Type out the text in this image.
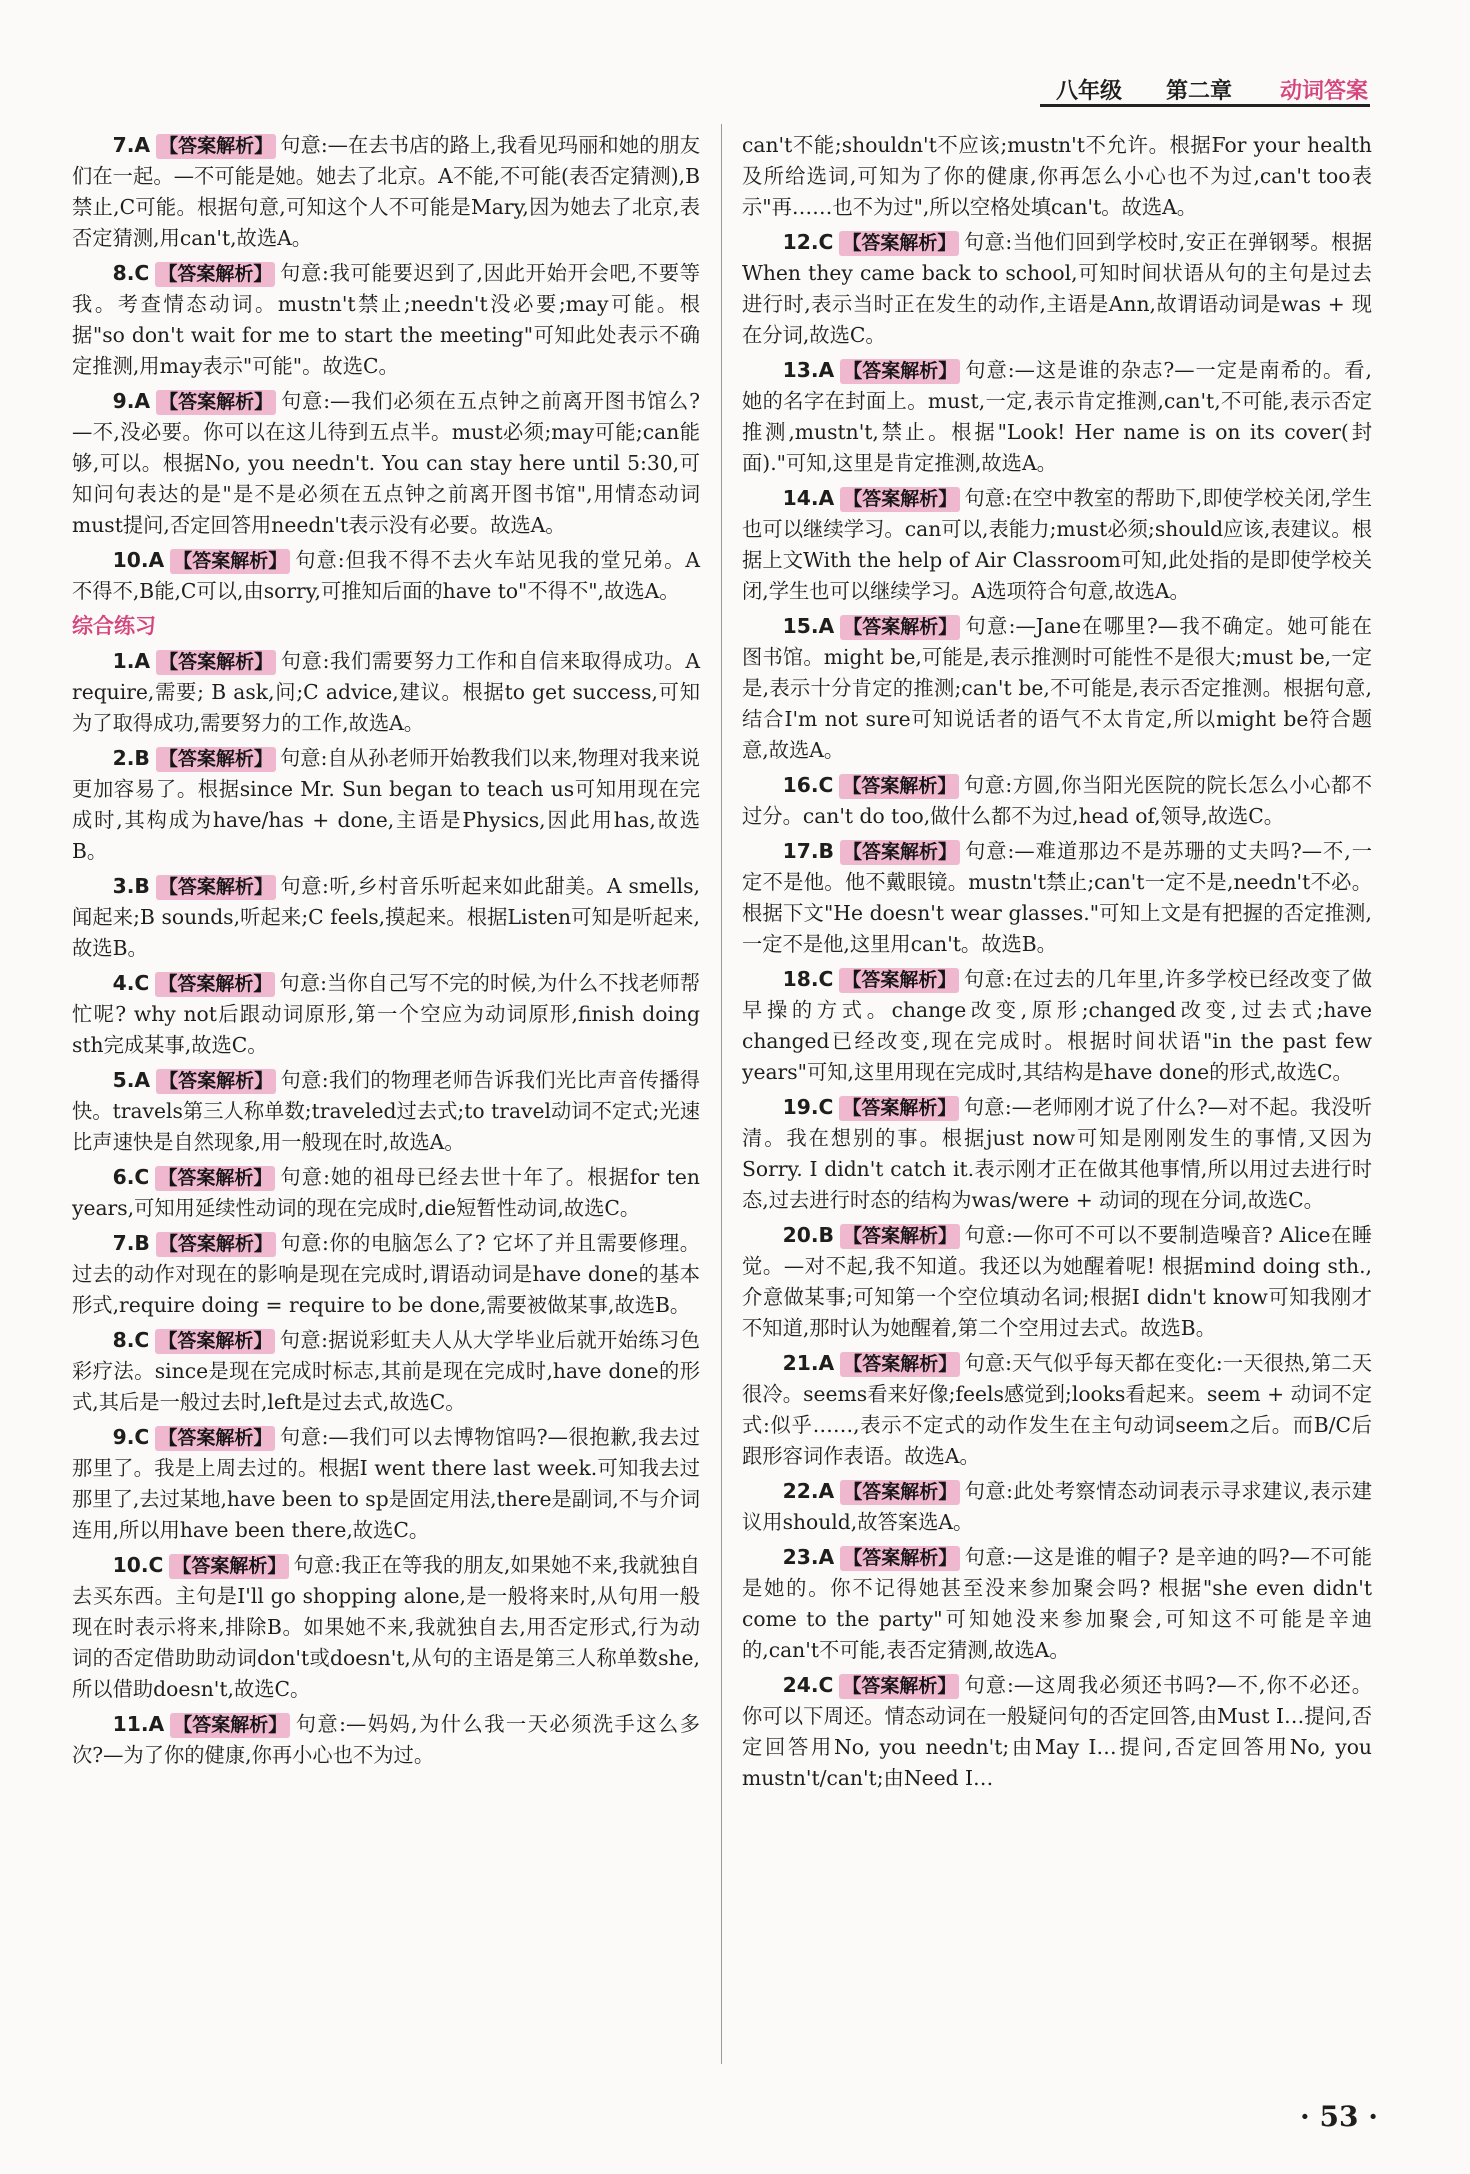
八年级 第二章 动词答案

7.A 【答案解析】 句意:—在去书店的路上,我看见玛丽和她的朋友们在一起。—不可能是她。她去了北京。A不能,不可能(表否定猜测),B禁止,C可能。根据句意,可知这个人不可能是Mary,因为她去了北京,表否定猜测,用can't,故选A。

8.C 【答案解析】 句意:我可能要迟到了,因此开始开会吧,不要等我。考查情态动词。mustn't禁止;needn't没必要;may可能。根据"so don't wait for me to start the meeting"可知此处表示不确定推测,用may表示"可能"。故选C。

9.A 【答案解析】 句意:—我们必须在五点钟之前离开图书馆么?—不,没必要。你可以在这儿待到五点半。must必须;may可能;can能够,可以。根据No, you needn't. You can stay here until 5:30,可知问句表达的是"是不是必须在五点钟之前离开图书馆",用情态动词must提问,否定回答用needn't表示没有必要。故选A。

10.A 【答案解析】 句意:但我不得不去火车站见我的堂兄弟。A不得不,B能,C可以,由sorry,可推知后面的have to"不得不",故选A。

综合练习

1.A 【答案解析】 句意:我们需要努力工作和自信来取得成功。A require,需要; B ask,问;C advice,建议。根据to get success,可知为了取得成功,需要努力的工作,故选A。

2.B 【答案解析】 句意:自从孙老师开始教我们以来,物理对我来说更加容易了。根据since Mr. Sun began to teach us可知用现在完成时,其构成为have/has + done,主语是Physics,因此用has,故选B。

3.B 【答案解析】 句意:听,乡村音乐听起来如此甜美。A smells,闻起来;B sounds,听起来;C feels,摸起来。根据Listen可知是听起来,故选B。

4.C 【答案解析】 句意:当你自己写不完的时候,为什么不找老师帮忙呢? why not后跟动词原形,第一个空应为动词原形,finish doing sth完成某事,故选C。

5.A 【答案解析】 句意:我们的物理老师告诉我们光比声音传播得快。travels第三人称单数;traveled过去式;to travel动词不定式;光速比声速快是自然现象,用一般现在时,故选A。

6.C 【答案解析】 句意:她的祖母已经去世十年了。根据for ten years,可知用延续性动词的现在完成时,die短暂性动词,故选C。

7.B 【答案解析】 句意:你的电脑怎么了? 它坏了并且需要修理。过去的动作对现在的影响是现在完成时,谓语动词是have done的基本形式,require doing = require to be done,需要被做某事,故选B。

8.C 【答案解析】 句意:据说彩虹夫人从大学毕业后就开始练习色彩疗法。since是现在完成时标志,其前是现在完成时,have done的形式,其后是一般过去时,left是过去式,故选C。

9.C 【答案解析】 句意:—我们可以去博物馆吗?—很抱歉,我去过那里了。我是上周去过的。根据I went there last week.可知我去过那里了,去过某地,have been to sp是固定用法,there是副词,不与介词连用,所以用have been there,故选C。

10.C 【答案解析】 句意:我正在等我的朋友,如果她不来,我就独自去买东西。主句是I'll go shopping alone,是一般将来时,从句用一般现在时表示将来,排除B。如果她不来,我就独自去,用否定形式,行为动词的否定借助助动词don't或doesn't,从句的主语是第三人称单数she,所以借助doesn't,故选C。

11.A 【答案解析】 句意:—妈妈,为什么我一天必须洗手这么多次?—为了你的健康,你再小心也不为过。

can't不能;shouldn't不应该;mustn't不允许。根据For your health及所给选词,可知为了你的健康,你再怎么小心也不为过,can't too表示"再……也不为过",所以空格处填can't。故选A。

12.C 【答案解析】 句意:当他们回到学校时,安正在弹钢琴。根据When they came back to school,可知时间状语从句的主句是过去进行时,表示当时正在发生的动作,主语是Ann,故谓语动词是was + 现在分词,故选C。

13.A 【答案解析】 句意:—这是谁的杂志?—一定是南希的。看,她的名字在封面上。must,一定,表示肯定推测,can't,不可能,表示否定推测,mustn't,禁止。根据"Look! Her name is on its cover(封面)."可知,这里是肯定推测,故选A。

14.A 【答案解析】 句意:在空中教室的帮助下,即使学校关闭,学生也可以继续学习。can可以,表能力;must必须;should应该,表建议。根据上文With the help of Air Classroom可知,此处指的是即使学校关闭,学生也可以继续学习。A选项符合句意,故选A。

15.A 【答案解析】 句意:—Jane在哪里?—我不确定。她可能在图书馆。might be,可能是,表示推测时可能性不是很大;must be,一定是,表示十分肯定的推测;can't be,不可能是,表示否定推测。根据句意,结合I'm not sure可知说话者的语气不太肯定,所以might be符合题意,故选A。

16.C 【答案解析】 句意:方圆,你当阳光医院的院长怎么小心都不过分。can't do too,做什么都不为过,head of,领导,故选C。

17.B 【答案解析】 句意:—难道那边不是苏珊的丈夫吗?—不,一定不是他。他不戴眼镜。mustn't禁止;can't一定不是,needn't不必。根据下文"He doesn't wear glasses."可知上文是有把握的否定推测,一定不是他,这里用can't。故选B。

18.C 【答案解析】 句意:在过去的几年里,许多学校已经改变了做早操的方式。change改变,原形;changed改变,过去式;have changed已经改变,现在完成时。根据时间状语"in the past few years"可知,这里用现在完成时,其结构是have done的形式,故选C。

19.C 【答案解析】 句意:—老师刚才说了什么?—对不起。我没听清。我在想别的事。根据just now可知是刚刚发生的事情,又因为Sorry. I didn't catch it.表示刚才正在做其他事情,所以用过去进行时态,过去进行时态的结构为was/were + 动词的现在分词,故选C。

20.B 【答案解析】 句意:—你可不可以不要制造噪音? Alice在睡觉。—对不起,我不知道。我还以为她醒着呢! 根据mind doing sth.,介意做某事;可知第一个空位填动名词;根据I didn't know可知我刚才不知道,那时认为她醒着,第二个空用过去式。故选B。

21.A 【答案解析】 句意:天气似乎每天都在变化:一天很热,第二天很冷。seems看来好像;feels感觉到;looks看起来。seem + 动词不定式:似乎……,表示不定式的动作发生在主句动词seem之后。而B/C后跟形容词作表语。故选A。

22.A 【答案解析】 句意:此处考察情态动词表示寻求建议,表示建议用should,故答案选A。

23.A 【答案解析】 句意:—这是谁的帽子? 是辛迪的吗?—不可能是她的。你不记得她甚至没来参加聚会吗? 根据"she even didn't come to the party"可知她没来参加聚会,可知这不可能是辛迪的,can't不可能,表否定猜测,故选A。

24.C 【答案解析】 句意:—这周我必须还书吗?—不,你不必还。你可以下周还。情态动词在一般疑问句的否定回答,由Must I…提问,否定回答用No, you needn't;由May I…提问,否定回答用No, you mustn't/can't;由Need I…

· 53 ·
